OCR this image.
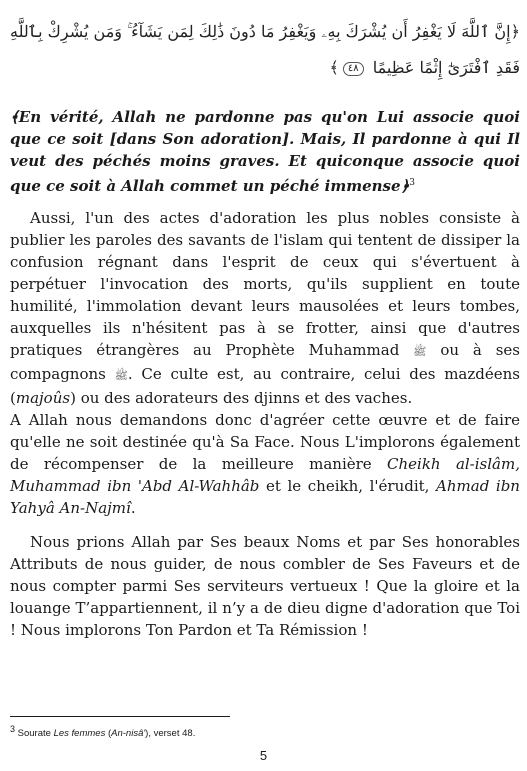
﴿إِنَّ ٱللَّهَ لَا يَغْفِرُ أَن يُشْرَكَ بِهِۦ وَيَغْفِرُ مَا دُونَ ذَٰلِكَ لِمَن يَشَآءُ ۚ وَمَن يُشْرِكْ بِٱللَّهِ فَقَدِ ٱفْتَرَىٰٓ إِثْمًا عَظِيمًا ٤٨﴾

﴾En vérité, Allah ne pardonne pas qu'on Lui associe quoi que ce soit [dans Son adoration]. Mais, Il pardonne à qui Il veut des péchés moins graves. Et quiconque associe quoi que ce soit à Allah commet un péché immense﴿$^3$

Aussi, l'un des actes d'adoration les plus nobles consiste à publier les paroles des savants de l'islam qui tentent de dissiper la confusion régnant dans l'esprit de ceux qui s'évertuent à perpétuer l'invocation des morts, qu'ils supplient en toute humilité, l'immolation devant leurs mausolées et leurs tombes, auxquelles ils n'hésitent pas à se frotter, ainsi que d'autres pratiques étrangères au Prophète Muhammad ﷺ ou à ses compagnons ﷺ. Ce culte est, au contraire, celui des mazdéens (majoûs) ou des adorateurs des djinns et des vaches.

A Allah nous demandons donc d'agréer cette œuvre et de faire qu'elle ne soit destinée qu'à Sa Face. Nous L'implorons également de récompenser de la meilleure manière Cheikh al-islâm, Muhammad ibn 'Abd Al-Wahhâb et le cheikh, l'érudit, Ahmad ibn Yahyâ An-Najmî.

Nous prions Allah par Ses beaux Noms et par Ses honorables Attributs de nous guider, de nous combler de Ses Faveurs et de nous compter parmi Ses serviteurs vertueux ! Que la gloire et la louange T’appartiennent, il n’y a de dieu digne d'adoration que Toi ! Nous implorons Ton Pardon et Ta Rémission !

$^3$ Sourate Les femmes (An-nisâ'), verset 48.
5
